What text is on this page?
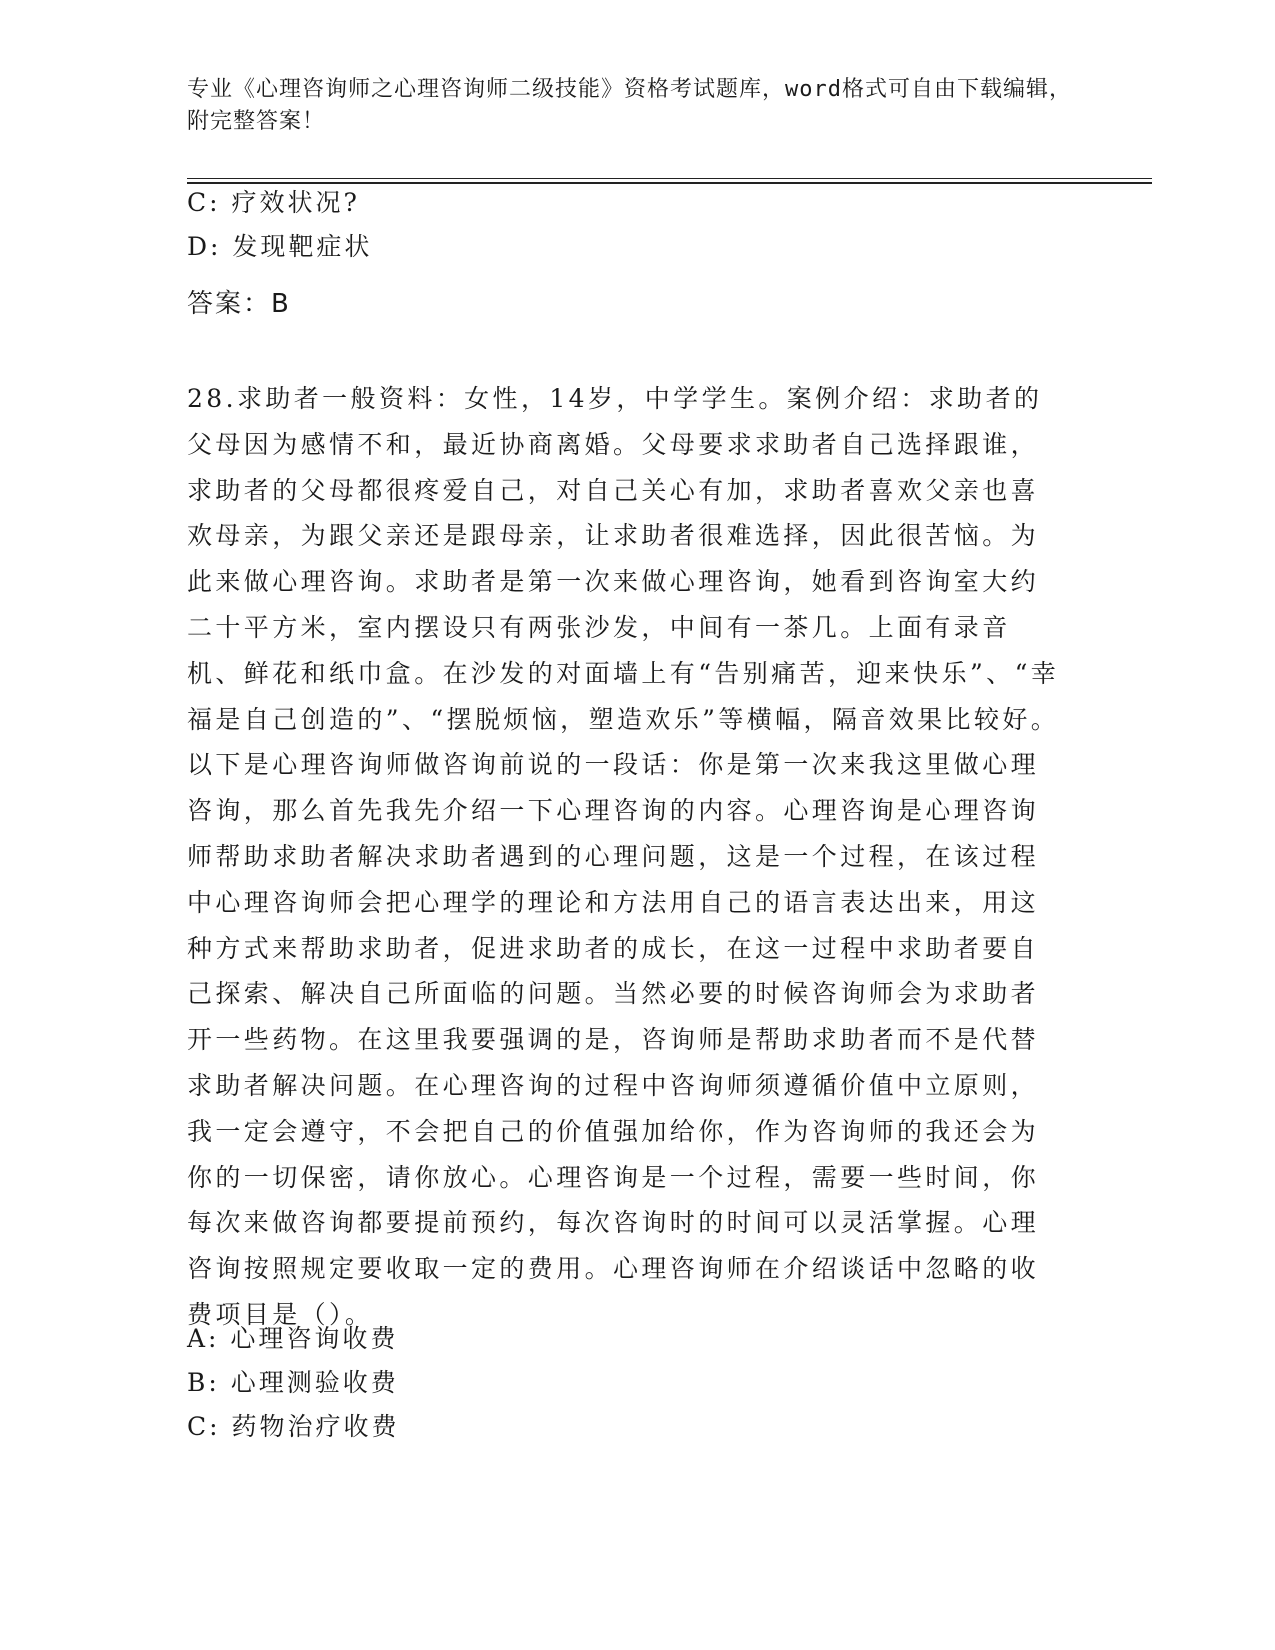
专业《心理咨询师之心理咨询师二级技能》资格考试题库，word格式可自由下载编辑，附完整答案！
C: 疗效状况?
D: 发现靶症状
答案：B

28.求助者一般资料：女性，14岁，中学学生。案例介绍：求助者的父母因为感情不和，最近协商离婚。父母要求求助者自己选择跟谁，求助者的父母都很疼爱自己，对自己关心有加，求助者喜欢父亲也喜欢母亲，为跟父亲还是跟母亲，让求助者很难选择，因此很苦恼。为此来做心理咨询。求助者是第一次来做心理咨询，她看到咨询室大约二十平方米，室内摆设只有两张沙发，中间有一茶几。上面有录音机、鲜花和纸巾盒。在沙发的对面墙上有“告别痛苦，迎来快乐”、“幸福是自己创造的”、“摆脱烦恼，塑造欢乐”等横幅，隔音效果比较好。以下是心理咨询师做咨询前说的一段话：你是第一次来我这里做心理咨询，那么首先我先介绍一下心理咨询的内容。心理咨询是心理咨询师帮助求助者解决求助者遇到的心理问题，这是一个过程，在该过程中心理咨询师会把心理学的理论和方法用自己的语言表达出来，用这种方式来帮助求助者，促进求助者的成长，在这一过程中求助者要自己探索、解决自己所面临的问题。当然必要的时候咨询师会为求助者开一些药物。在这里我要强调的是，咨询师是帮助求助者而不是代替求助者解决问题。在心理咨询的过程中咨询师须遵循价值中立原则，我一定会遵守，不会把自己的价值强加给你，作为咨询师的我还会为你的一切保密，请你放心。心理咨询是一个过程，需要一些时间，你每次来做咨询都要提前预约，每次咨询时的时间可以灵活掌握。心理咨询按照规定要收取一定的费用。心理咨询师在介绍谈话中忽略的收费项目是（）。

A: 心理咨询收费
B: 心理测验收费
C: 药物治疗收费
